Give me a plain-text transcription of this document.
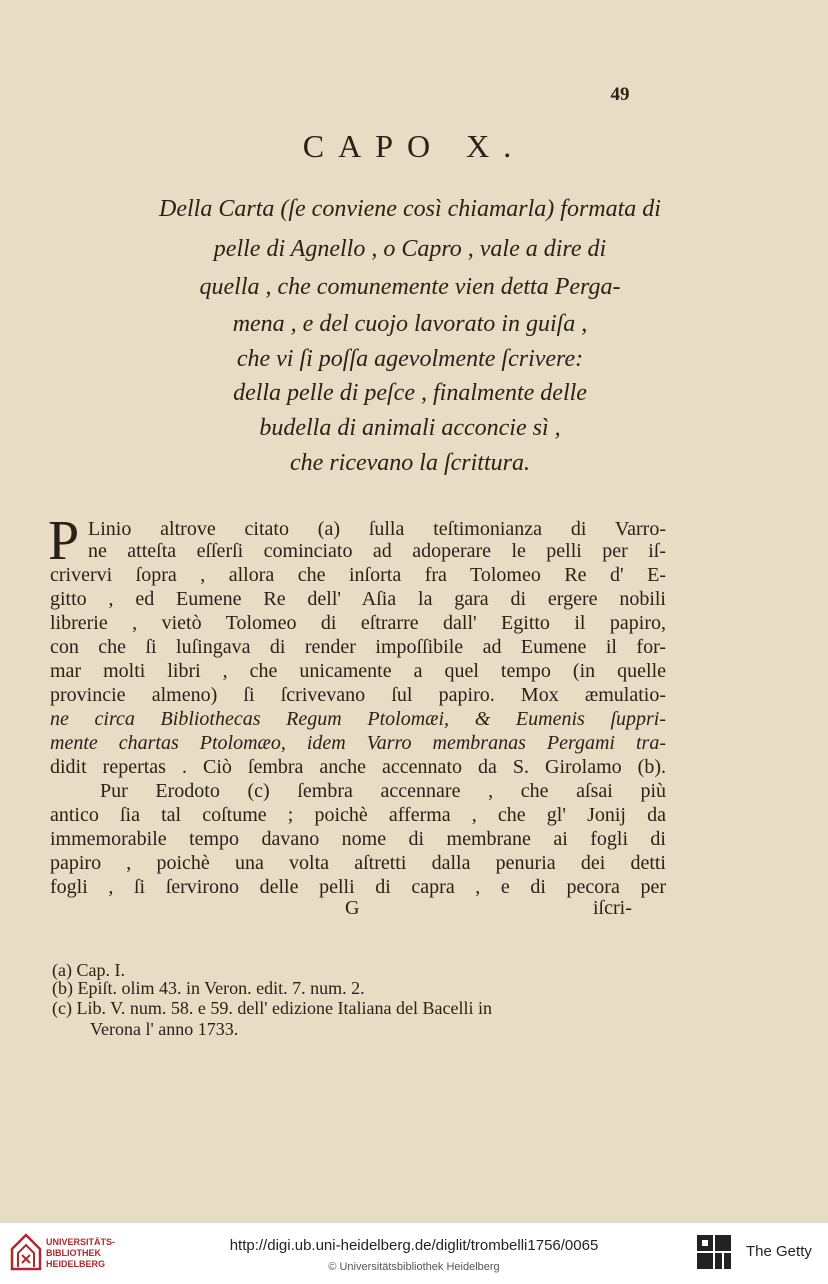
49
CAPO X.
Della Carta (ſe conviene così chiamarla) formata di
pelle di Agnello , o Capro , vale a dire di
quella , che comunemente vien detta Perga-
mena , e del cuojo lavorato in guiſa ,
che vi ſi poſſa agevolmente ſcrivere:
della pelle di peſce , finalmente delle
budella di animali acconcie sì ,
che ricevano la ſcrittura.
P Linio altrove citato (a) ſulla teſtimonianza di Varro-
ne atteſta eſſerſi cominciato ad adoperare le pelli per iſ-
crivervi ſopra , allora che inſorta fra Tolomeo Re d' E-
gitto , ed Eumene Re dell' Aſia la gara di ergere nobili
librerie , vietò Tolomeo di eſtrarre dall' Egitto il papiro,
con che ſi luſingava di render impoſſibile ad Eumene il for-
mar molti libri , che unicamente a quel tempo (in quelle
provincie almeno) ſi ſcrivevano ſul papiro. Mox æmulatio-
ne circa Bibliothecas Regum Ptolomæi, & Eumenis ſuppri-
mente chartas Ptolomæo, idem Varro membranas Pergami tra-
didit repertas . Ciò ſembra anche accennato da S. Girolamo (b).
Pur Erodoto (c) ſembra accennare , che aſsai più
antico ſia tal coſtume ; poichè afferma , che gl' Jonij da
immemorabile tempo davano nome di membrane ai fogli di
papiro , poichè una volta aſtretti dalla penuria dei detti
fogli , ſi ſervirono delle pelli di capra , e di pecora per
G	iſcri-
(a) Cap. I.
(b) Epiſt. olim 43. in Veron. edit. 7. num. 2.
(c) Lib. V. num. 58. e 59. dell' edizione Italiana del Bacelli in
Verona l' anno 1733.
UNIVERSITÄTS-
BIBLIOTHEK
HEIDELBERG
http://digi.ub.uni-heidelberg.de/diglit/trombelli1756/0065
© Universitätsbibliothek Heidelberg
The Getty
